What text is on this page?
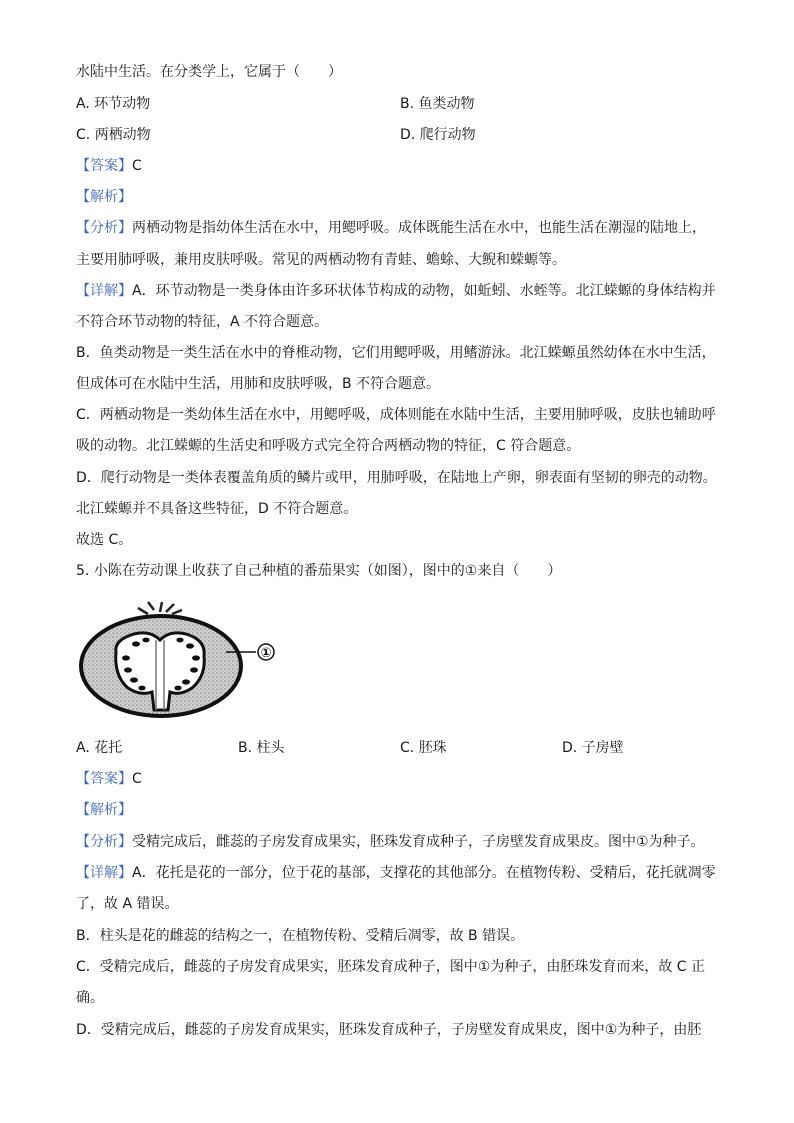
水陆中生活。在分类学上，它属于（　　）
A. 环节动物	B. 鱼类动物
C. 两栖动物	D. 爬行动物
【答案】C
【解析】
【分析】两栖动物是指幼体生活在水中，用鳃呼吸。成体既能生活在水中，也能生活在潮湿的陆地上，
主要用肺呼吸，兼用皮肤呼吸。常见的两栖动物有青蛙、蟾蜍、大鲵和蝾螈等。
【详解】A．环节动物是一类身体由许多环状体节构成的动物，如蚯蚓、水蛭等。北江蝾螈的身体结构并
不符合环节动物的特征，A 不符合题意。
B．鱼类动物是一类生活在水中的脊椎动物，它们用鳃呼吸，用鳍游泳。北江蝾螈虽然幼体在水中生活，
但成体可在水陆中生活，用肺和皮肤呼吸，B 不符合题意。
C．两栖动物是一类幼体生活在水中，用鳃呼吸，成体则能在水陆中生活，主要用肺呼吸，皮肤也辅助呼
吸的动物。北江蝾螈的生活史和呼吸方式完全符合两栖动物的特征，C 符合题意。
D．爬行动物是一类体表覆盖角质的鳞片或甲，用肺呼吸，在陆地上产卵，卵表面有坚韧的卵壳的动物。
北江蝾螈并不具备这些特征，D 不符合题意。
故选 C。
5. 小陈在劳动课上收获了自己种植的番茄果实（如图），图中的①来自（　　）
①
A. 花托	B. 柱头	C. 胚珠	D. 子房壁
【答案】C
【解析】
【分析】受精完成后，雌蕊的子房发育成果实，胚珠发育成种子，子房壁发育成果皮。图中①为种子。
【详解】A．花托是花的一部分，位于花的基部，支撑花的其他部分。在植物传粉、受精后，花托就凋零
了，故 A 错误。
B．柱头是花的雌蕊的结构之一，在植物传粉、受精后凋零，故 B 错误。
C．受精完成后，雌蕊的子房发育成果实，胚珠发育成种子，图中①为种子，由胚珠发育而来，故 C 正
确。
D．受精完成后，雌蕊的子房发育成果实，胚珠发育成种子，子房壁发育成果皮，图中①为种子，由胚
